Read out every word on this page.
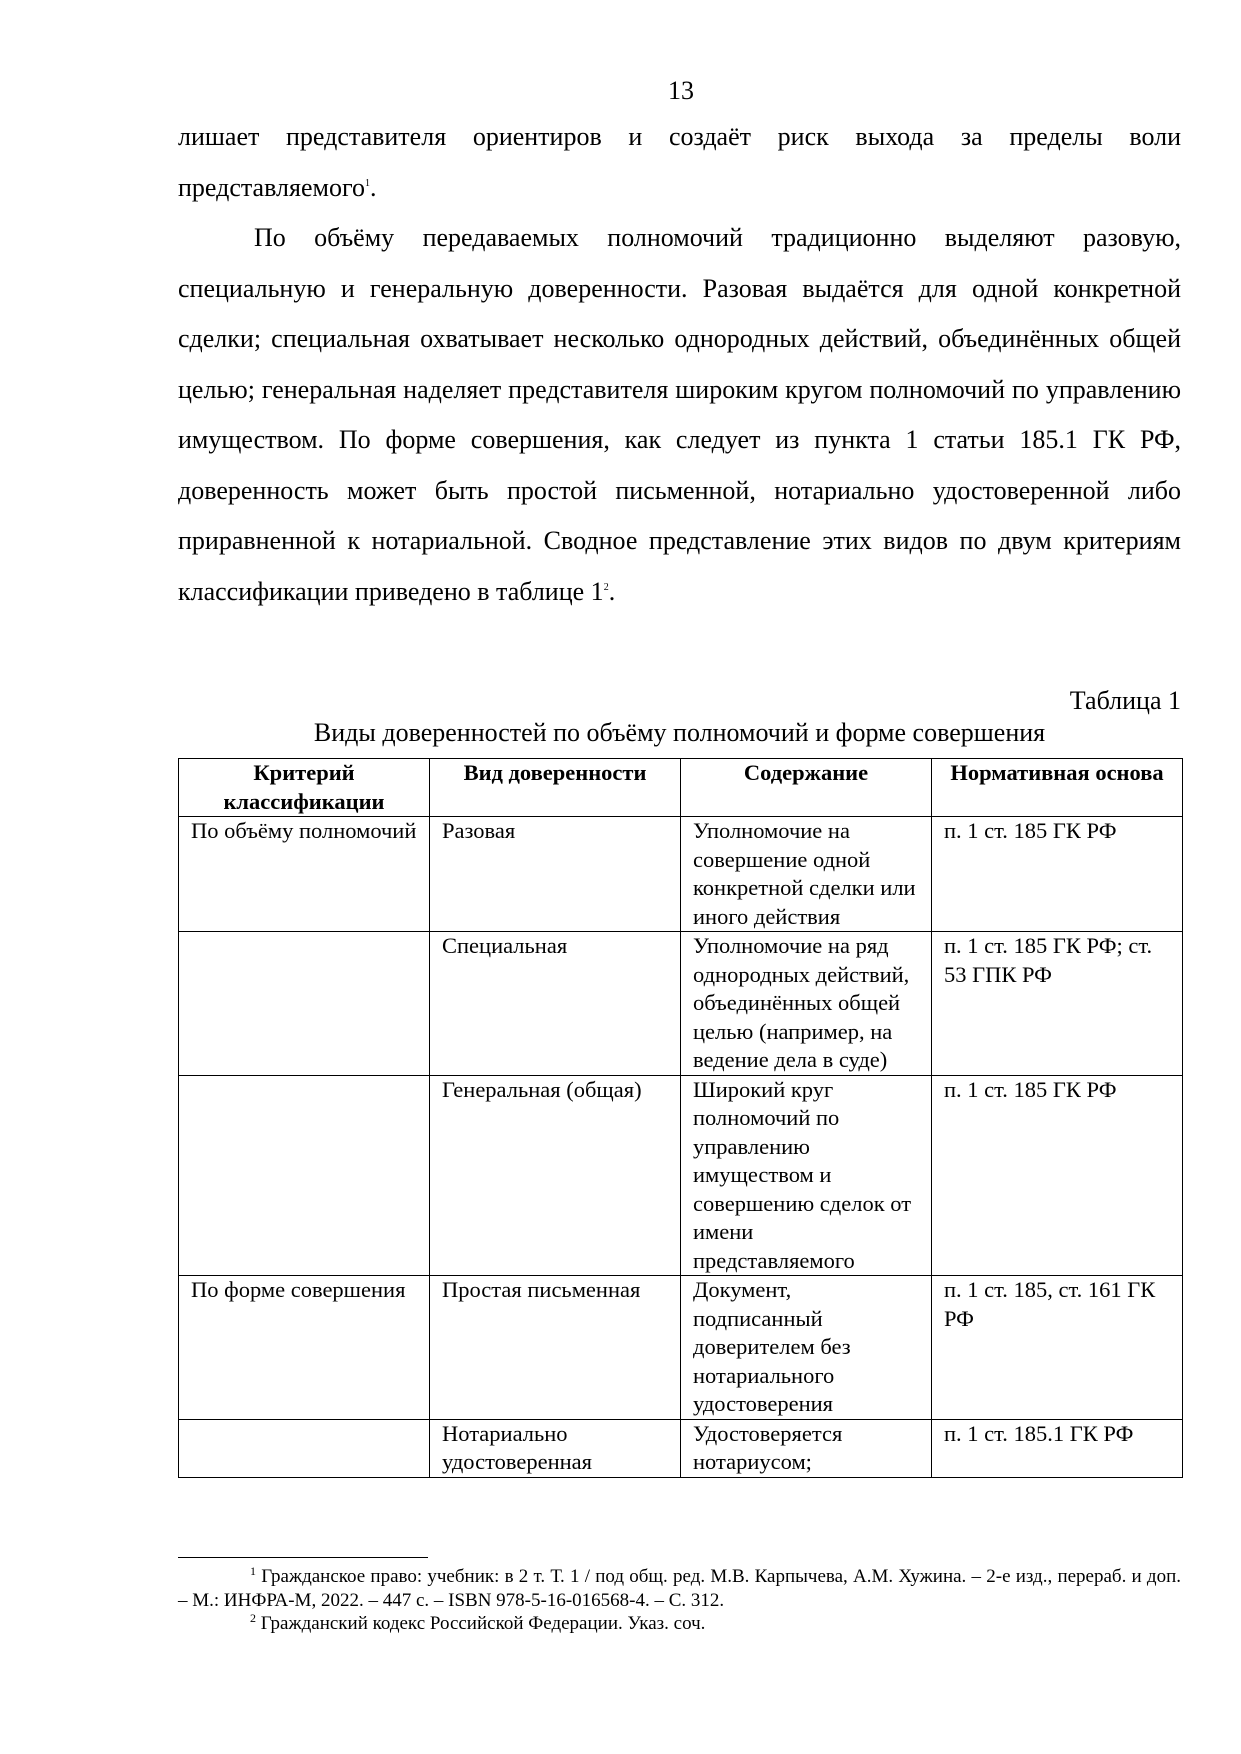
13

лишает представителя ориентиров и создаёт риск выхода за пределы воли представляемого$^1$.

По объёму передаваемых полномочий традиционно выделяют разовую, специальную и генеральную доверенности. Разовая выдаётся для одной конкретной сделки; специальная охватывает несколько однородных действий, объединённых общей целью; генеральная наделяет представителя широким кругом полномочий по управлению имуществом. По форме совершения, как следует из пункта 1 статьи 185.1 ГК РФ, доверенность может быть простой письменной, нотариально удостоверенной либо приравненной к нотариальной. Сводное представление этих видов по двум критериям классификации приведено в таблице 1$^2$.

Таблица 1
Виды доверенностей по объёму полномочий и форме совершения
Критерий классификации	Вид доверенности	Содержание	Нормативная основа
По объёму полномочий	Разовая	Уполномочие на совершение одной конкретной сделки или иного действия	п. 1 ст. 185 ГК РФ
	Специальная	Уполномочие на ряд однородных действий, объединённых общей целью (например, на ведение дела в суде)	п. 1 ст. 185 ГК РФ; ст. 53 ГПК РФ
	Генеральная (общая)	Широкий круг полномочий по управлению имуществом и совершению сделок от имени представляемого	п. 1 ст. 185 ГК РФ
По форме совершения	Простая письменная	Документ, подписанный доверителем без нотариального удостоверения	п. 1 ст. 185, ст. 161 ГК РФ
	Нотариально удостоверенная	Удостоверяется нотариусом;	п. 1 ст. 185.1 ГК РФ

$^1$ Гражданское право: учебник: в 2 т. Т. 1 / под общ. ред. М.В. Карпычева, А.М. Хужина. – 2-е изд., перераб. и доп. – М.: ИНФРА-М, 2022. – 447 с. – ISBN 978-5-16-016568-4. – С. 312.

$^2$ Гражданский кодекс Российской Федерации. Указ. соч.
